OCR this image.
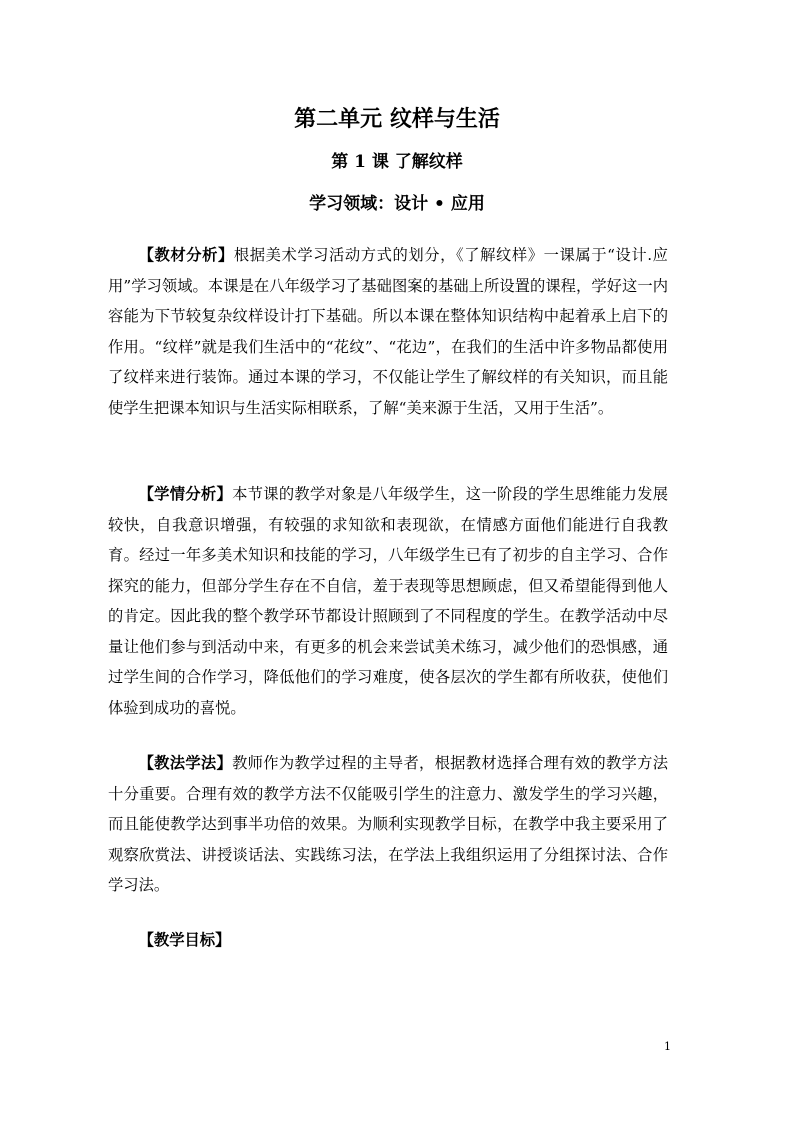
第二单元 纹样与生活
第 1 课 了解纹样
学习领域：设计 • 应用

【教材分析】根据美术学习活动方式的划分，《了解纹样》一课属于“设计.应用”学习领域。本课是在八年级学习了基础图案的基础上所设置的课程，学好这一内容能为下节较复杂纹样设计打下基础。所以本课在整体知识结构中起着承上启下的作用。“纹样”就是我们生活中的“花纹”、“花边”，在我们的生活中许多物品都使用了纹样来进行装饰。通过本课的学习，不仅能让学生了解纹样的有关知识，而且能使学生把课本知识与生活实际相联系，了解“美来源于生活，又用于生活”。

【学情分析】本节课的教学对象是八年级学生，这一阶段的学生思维能力发展较快，自我意识增强，有较强的求知欲和表现欲，在情感方面他们能进行自我教育。经过一年多美术知识和技能的学习，八年级学生已有了初步的自主学习、合作探究的能力，但部分学生存在不自信，羞于表现等思想顾虑，但又希望能得到他人的肯定。因此我的整个教学环节都设计照顾到了不同程度的学生。在教学活动中尽量让他们参与到活动中来，有更多的机会来尝试美术练习，减少他们的恐惧感，通过学生间的合作学习，降低他们的学习难度，使各层次的学生都有所收获，使他们体验到成功的喜悦。

【教法学法】教师作为教学过程的主导者，根据教材选择合理有效的教学方法十分重要。合理有效的教学方法不仅能吸引学生的注意力、激发学生的学习兴趣，而且能使教学达到事半功倍的效果。为顺利实现教学目标，在教学中我主要采用了观察欣赏法、讲授谈话法、实践练习法，在学法上我组织运用了分组探讨法、合作学习法。

【教学目标】

1
